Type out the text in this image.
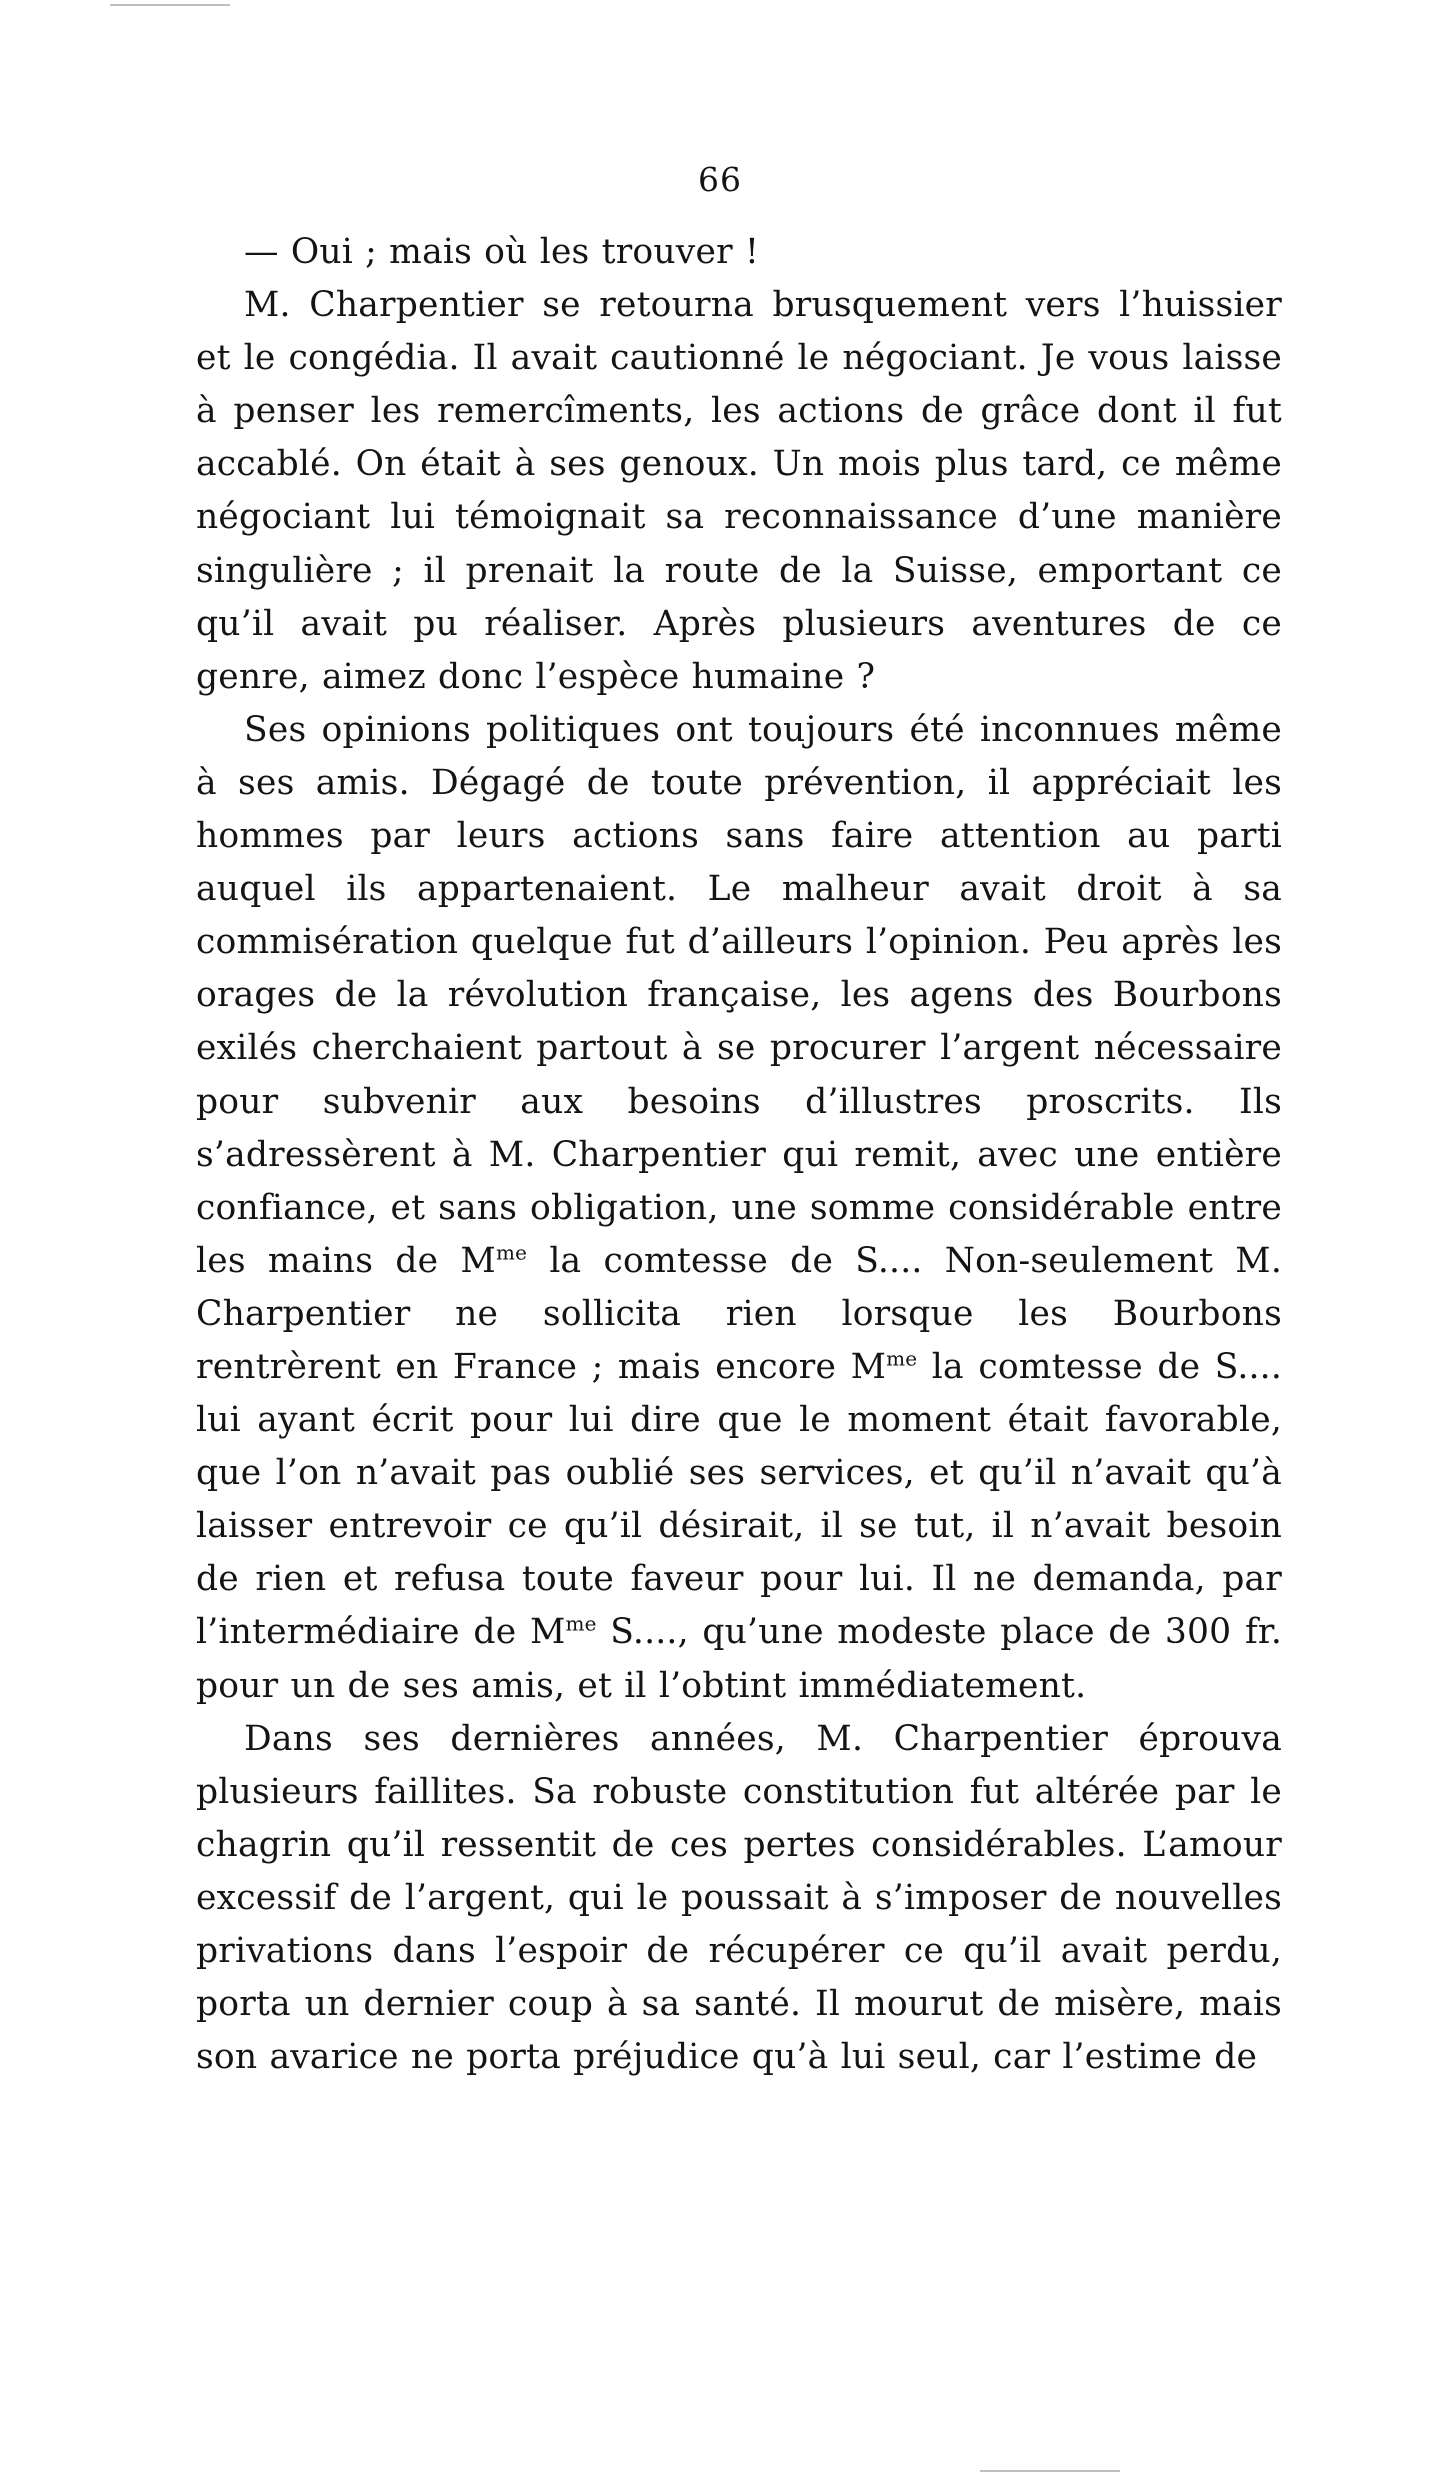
66

— Oui ; mais où les trouver !

M. Charpentier se retourna brusquement vers l’huissier et le congédia. Il avait cautionné le négociant. Je vous laisse à penser les remercîments, les actions de grâce dont il fut accablé. On était à ses genoux. Un mois plus tard, ce même négociant lui témoignait sa reconnaissance d’une manière singulière ; il prenait la route de la Suisse, emportant ce qu’il avait pu réaliser. Après plusieurs aventures de ce genre, aimez donc l’espèce humaine ?

Ses opinions politiques ont toujours été inconnues même à ses amis. Dégagé de toute prévention, il appréciait les hommes par leurs actions sans faire attention au parti auquel ils appartenaient. Le malheur avait droit à sa commisération quelque fut d’ailleurs l’opinion. Peu après les orages de la révolution française, les agens des Bourbons exilés cherchaient partout à se procurer l’argent nécessaire pour subvenir aux besoins d’illustres proscrits. Ils s’adressèrent à M. Charpentier qui remit, avec une entière confiance, et sans obligation, une somme considérable entre les mains de $M^{me}$ la comtesse de S.... Non-seulement M. Charpentier ne sollicita rien lorsque les Bourbons rentrèrent en France ; mais encore $M^{me}$ la comtesse de S.... lui ayant écrit pour lui dire que le moment était favorable, que l’on n’avait pas oublié ses services, et qu’il n’avait qu’à laisser entrevoir ce qu’il désirait, il se tut, il n’avait besoin de rien et refusa toute faveur pour lui. Il ne demanda, par l’intermédiaire de $M^{me}$ S...., qu’une modeste place de 300 fr. pour un de ses amis, et il l’obtint immédiatement.

Dans ses dernières années, M. Charpentier éprouva plusieurs faillites. Sa robuste constitution fut altérée par le chagrin qu’il ressentit de ces pertes considérables. L’amour excessif de l’argent, qui le poussait à s’imposer de nouvelles privations dans l’espoir de récupérer ce qu’il avait perdu, porta un dernier coup à sa santé. Il mourut de misère, mais son avarice ne porta préjudice qu’à lui seul, car l’estime de
